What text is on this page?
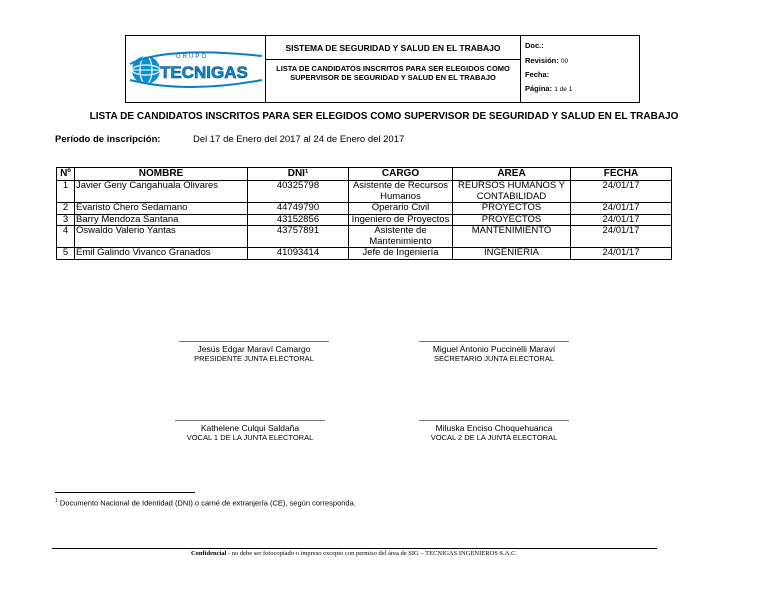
GRUPO
TECNIGAS
SISTEMA DE SEGURIDAD Y SALUD EN EL TRABAJO
LISTA DE CANDIDATOS INSCRITOS PARA SER ELEGIDOS COMO SUPERVISOR DE SEGURIDAD Y SALUD EN EL TRABAJO
Doc.:
Revisión: 00
Fecha:
Página: 1 de 1
LISTA DE CANDIDATOS INSCRITOS PARA SER ELEGIDOS COMO SUPERVISOR DE SEGURIDAD Y SALUD EN EL TRABAJO
Período de inscripción:	Del 17 de Enero del 2017 al 24 de Enero del 2017
Nº	NOMBRE	DNI¹	CARGO	ÁREA	FECHA
1	Javier Geny Cangahuala Olivares	40325798	Asistente de Recursos Humanos	REURSOS HUMANOS Y CONTABILIDAD	24/01/17
2	Evaristo Chero Sedamano	44749790	Operario Civil	PROYECTOS	24/01/17
3	Barry Mendoza Santana	43152856	Ingeniero de Proyectos	PROYECTOS	24/01/17
4	Oswaldo Valerio Yantas	43757891	Asistente de Mantenimiento	MANTENIMIENTO	24/01/17
5	Emil Galindo Vivanco Granados	41093414	Jefe de Ingeniería	INGENIERIA	24/01/17
Jesús Edgar Maraví Camargo
PRESIDENTE JUNTA ELECTORAL
Miguel Antonio Puccinelli Maraví
SECRETARIO JUNTA ELECTORAL
Kathelene Culqui Saldaña
VOCAL 1 DE LA JUNTA ELECTORAL
Miluska Enciso Choquehuanca
VOCAL 2 DE LA JUNTA ELECTORAL
$^1$ Documento Nacional de Identidad (DNI) o carné de extranjería (CE), según corresponda.
Confidencial - no debe ser fotocopiado o impreso excepto con permiso del área de SIG – TECNIGAS INGENIEROS S.A.C.
